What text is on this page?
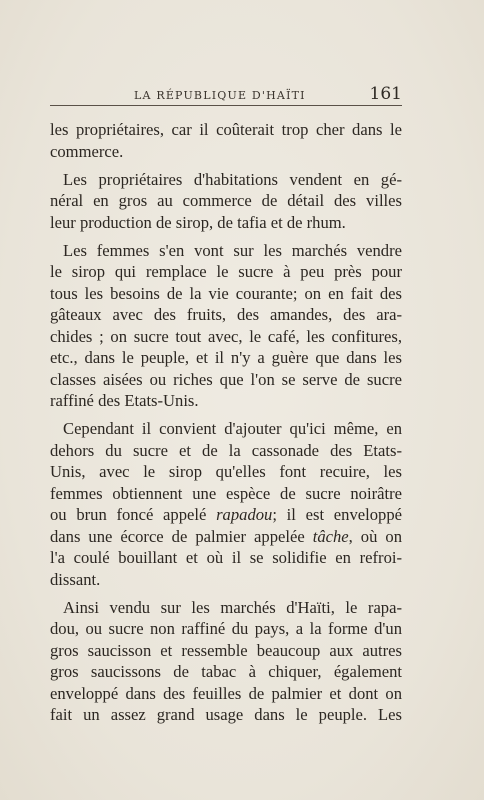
LA RÉPUBLIQUE D'HAÏTI	161

les propriétaires, car il coûterait trop cher dans le
commerce.

Les propriétaires d'habitations vendent en gé-
néral en gros au commerce de détail des villes
leur production de sirop, de tafia et de rhum.

Les femmes s'en vont sur les marchés vendre
le sirop qui remplace le sucre à peu près pour
tous les besoins de la vie courante; on en fait des
gâteaux avec des fruits, des amandes, des ara-
chides ; on sucre tout avec, le café, les confitures,
etc., dans le peuple, et il n'y a guère que dans les
classes aisées ou riches que l'on se serve de sucre
raffiné des Etats-Unis.

Cependant il convient d'ajouter qu'ici même, en
dehors du sucre et de la cassonade des Etats-
Unis, avec le sirop qu'elles font recuire, les
femmes obtiennent une espèce de sucre noirâtre
ou brun foncé appelé rapadou; il est enveloppé
dans une écorce de palmier appelée tâche, où on
l'a coulé bouillant et où il se solidifie en refroi-
dissant.

Ainsi vendu sur les marchés d'Haïti, le rapa-
dou, ou sucre non raffiné du pays, a la forme d'un
gros saucisson et ressemble beaucoup aux autres
gros saucissons de tabac à chiquer, également
enveloppé dans des feuilles de palmier et dont on
fait un assez grand usage dans le peuple. Les
